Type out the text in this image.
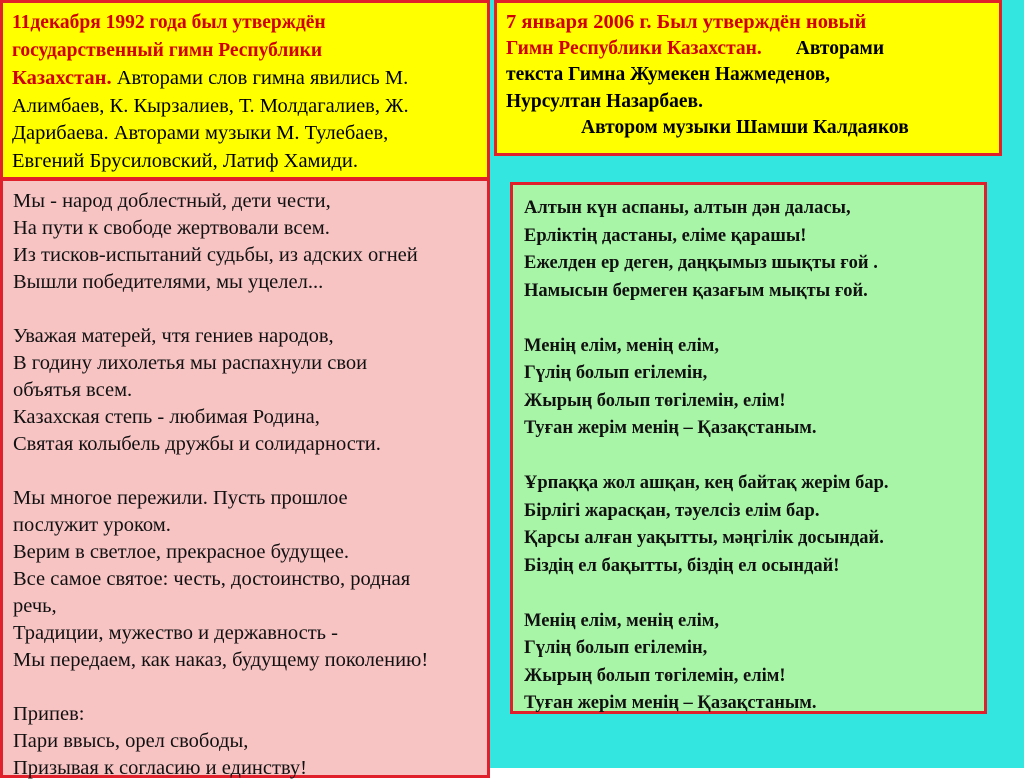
11декабря 1992 года был утверждён

государственный гимн Республики

Казахстан. Авторами слов гимна явились М.

Алимбаев, К. Кырзалиев, Т. Молдагалиев, Ж.

Дарибаева. Авторами музыки М. Тулебаев,

Евгений Брусиловский, Латиф Хамиди.

7 января 2006 г. Был утверждён новый

Гимн Республики Казахстан. Авторами

текста Гимна Жумекен Нажмеденов,

Нурсултан Назарбаев.

Автором музыки Шамши Калдаяков

Мы - народ доблестный, дети чести,
На пути к свободе жертвовали всем.
Из тисков-испытаний судьбы, из адских огней
Вышли победителями, мы уцелел...
Уважая матерей, чтя гениев народов,
В годину лихолетья мы распахнули свои
объятья всем.
Казахская степь - любимая Родина,
Святая колыбель дружбы и солидарности.
Мы многое пережили. Пусть прошлое
послужит уроком.
Верим в светлое, прекрасное будущее.
Все самое святое: честь, достоинство, родная
речь,
Традиции, мужество и державность -
Мы передаем, как наказ, будущему поколению!
Припев:
Пари ввысь, орел свободы,
Призывая к согласию и единству!
Алтын күн аспаны, алтын дән даласы,
Ерліктің дастаны, еліме қарашы!
Ежелден ер деген, даңқымыз шықты ғой .
Намысын бермеген қазағым мықты ғой.
Менің елім, менің елім,
Гүлің болып егілемін,
Жырың болып төгілемін, елім!
Туған жерім менің – Қазақстаным.
Ұрпаққа жол ашқан, кең байтақ жерім бар.
Бірлігі жарасқан, тәуелсіз елім бар.
Қарсы алған уақытты, мәңгілік досындай.
Біздің ел бақытты, біздің ел осындай!
Менің елім, менің елім,
Гүлің болып егілемін,
Жырың болып төгілемін, елім!
Туған жерім менің – Қазақстаным.
